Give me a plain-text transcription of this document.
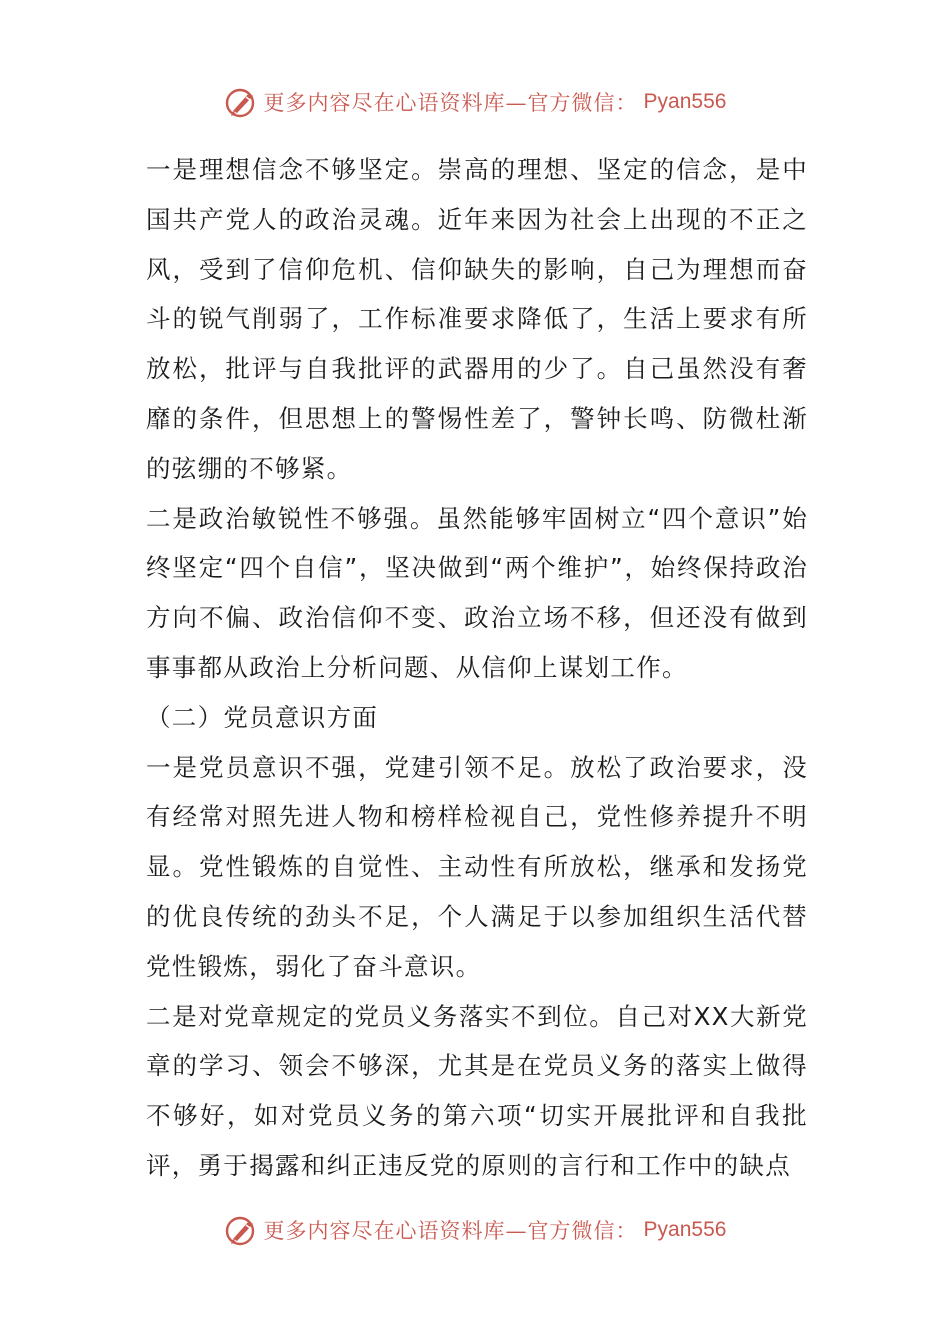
更多内容尽在心语资料库—官方微信： Pyan556

一是理想信念不够坚定。崇高的理想、坚定的信念，是中国共产党人的政治灵魂。近年来因为社会上出现的不正之风，受到了信仰危机、信仰缺失的影响，自己为理想而奋斗的锐气削弱了，工作标准要求降低了，生活上要求有所放松，批评与自我批评的武器用的少了。自己虽然没有奢靡的条件，但思想上的警惕性差了，警钟长鸣、防微杜渐的弦绷的不够紧。

二是政治敏锐性不够强。虽然能够牢固树立“四个意识”始终坚定“四个自信”，坚决做到“两个维护”，始终保持政治方向不偏、政治信仰不变、政治立场不移，但还没有做到事事都从政治上分析问题、从信仰上谋划工作。

（二）党员意识方面

一是党员意识不强，党建引领不足。放松了政治要求，没有经常对照先进人物和榜样检视自己，党性修养提升不明显。党性锻炼的自觉性、主动性有所放松，继承和发扬党的优良传统的劲头不足，个人满足于以参加组织生活代替党性锻炼，弱化了奋斗意识。

二是对党章规定的党员义务落实不到位。自己对XX大新党章的学习、领会不够深，尤其是在党员义务的落实上做得不够好，如对党员义务的第六项“切实开展批评和自我批评，勇于揭露和纠正违反党的原则的言行和工作中的缺点

更多内容尽在心语资料库—官方微信： Pyan556
